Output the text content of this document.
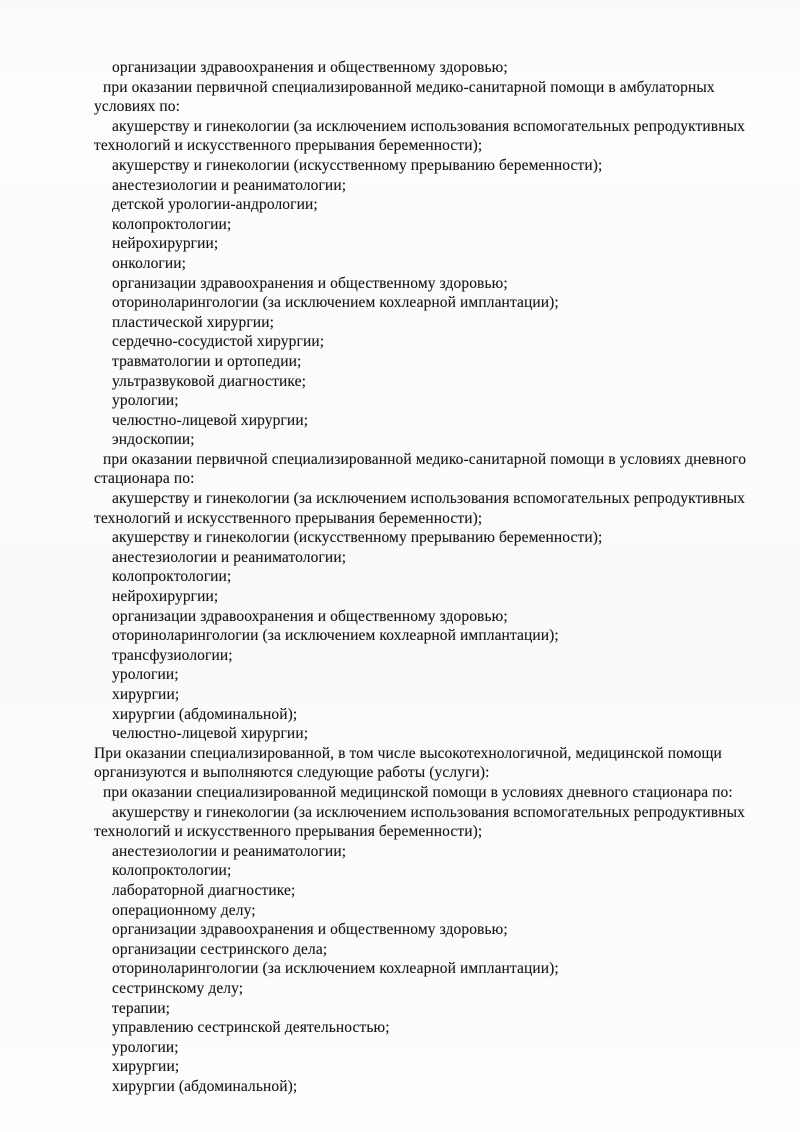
организации здравоохранения и общественному здоровью;
при оказании первичной специализированной медико-санитарной помощи в амбулаторных
условиях по:
акушерству и гинекологии (за исключением использования вспомогательных репродуктивных
технологий и искусственного прерывания беременности);
акушерству и гинекологии (искусственному прерыванию беременности);
анестезиологии и реаниматологии;
детской урологии-андрологии;
колопроктологии;
нейрохирургии;
онкологии;
организации здравоохранения и общественному здоровью;
оториноларингологии (за исключением кохлеарной имплантации);
пластической хирургии;
сердечно-сосудистой хирургии;
травматологии и ортопедии;
ультразвуковой диагностике;
урологии;
челюстно-лицевой хирургии;
эндоскопии;
при оказании первичной специализированной медико-санитарной помощи в условиях дневного
стационара по:
акушерству и гинекологии (за исключением использования вспомогательных репродуктивных
технологий и искусственного прерывания беременности);
акушерству и гинекологии (искусственному прерыванию беременности);
анестезиологии и реаниматологии;
колопроктологии;
нейрохирургии;
организации здравоохранения и общественному здоровью;
оториноларингологии (за исключением кохлеарной имплантации);
трансфузиологии;
урологии;
хирургии;
хирургии (абдоминальной);
челюстно-лицевой хирургии;
При оказании специализированной, в том числе высокотехнологичной, медицинской помощи
организуются и выполняются следующие работы (услуги):
при оказании специализированной медицинской помощи в условиях дневного стационара по:
акушерству и гинекологии (за исключением использования вспомогательных репродуктивных
технологий и искусственного прерывания беременности);
анестезиологии и реаниматологии;
колопроктологии;
лабораторной диагностике;
операционному делу;
организации здравоохранения и общественному здоровью;
организации сестринского дела;
оториноларингологии (за исключением кохлеарной имплантации);
сестринскому делу;
терапии;
управлению сестринской деятельностью;
урологии;
хирургии;
хирургии (абдоминальной);
